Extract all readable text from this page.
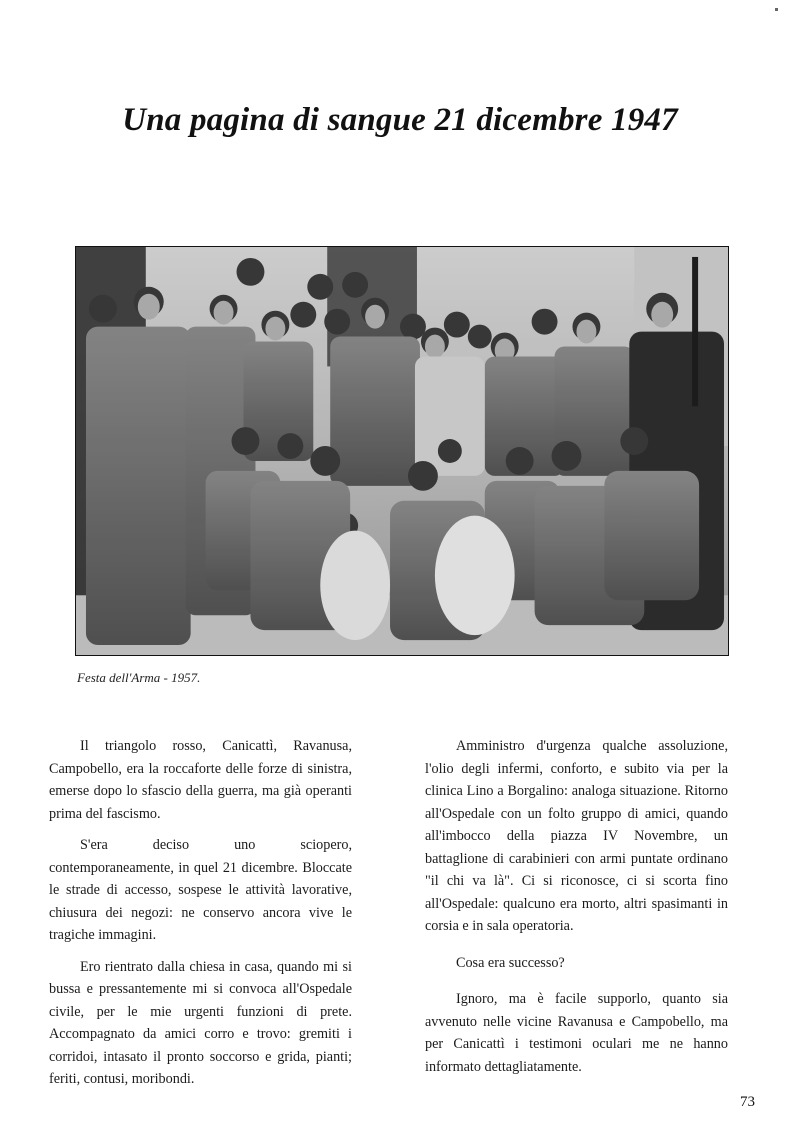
Una pagina di sangue 21 dicembre 1947
Festa dell'Arma - 1957.

Il triangolo rosso, Canicattì, Ravanusa, Campobello, era la roccaforte delle forze di sinistra, emerse dopo lo sfascio della guerra, ma già operanti prima del fascismo.

S'era deciso uno sciopero, contemporaneamente, in quel 21 dicembre. Bloccate le strade di accesso, sospese le attività lavorative, chiusura dei negozi: ne conservo ancora vive le tragiche immagini.

Ero rientrato dalla chiesa in casa, quando mi si bussa e pressantemente mi si convoca all'Ospedale civile, per le mie urgenti funzioni di prete. Accompagnato da amici corro e trovo: gremiti i corridoi, intasato il pronto soccorso e grida, pianti; feriti, contusi, moribondi.

Amministro d'urgenza qualche assoluzione, l'olio degli infermi, conforto, e subito via per la clinica Lino a Borgalino: analoga situazione. Ritorno all'Ospedale con un folto gruppo di amici, quando all'imbocco della piazza IV Novembre, un battaglione di carabinieri con armi puntate ordinano "il chi va là". Ci si riconosce, ci si scorta fino all'Ospedale: qualcuno era morto, altri spasimanti in corsia e in sala operatoria.

Cosa era successo?

Ignoro, ma è facile supporlo, quanto sia avvenuto nelle vicine Ravanusa e Campobello, ma per Canicattì i testimoni oculari me ne hanno informato dettagliatamente.

73
